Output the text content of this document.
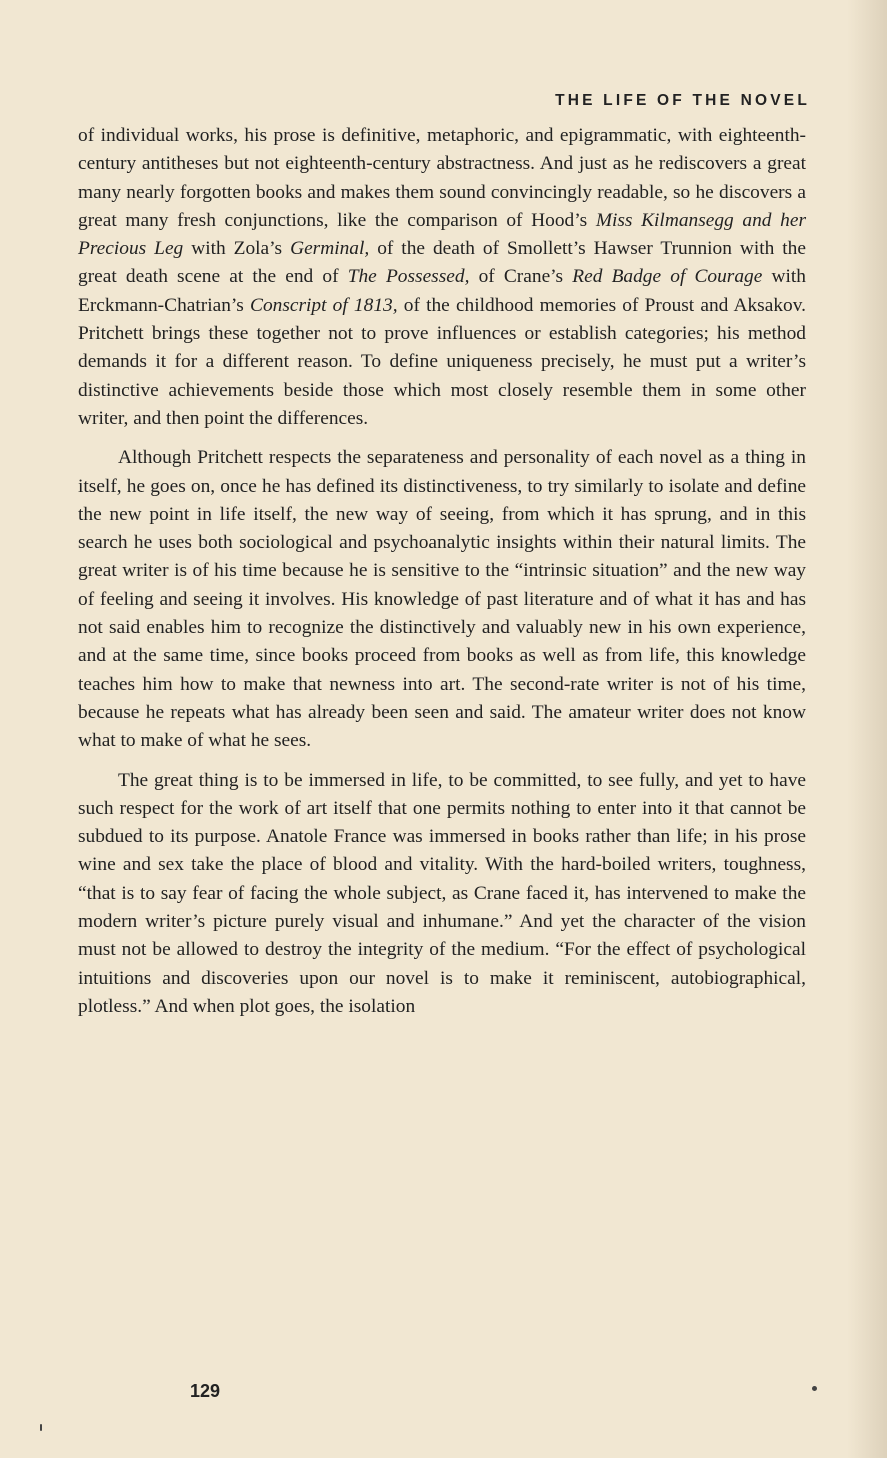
THE LIFE OF THE NOVEL

of individual works, his prose is definitive, metaphoric, and epigrammatic, with eighteenth-century antitheses but not eighteenth-century abstractness. And just as he rediscovers a great many nearly forgotten books and makes them sound convincingly readable, so he discovers a great many fresh conjunctions, like the comparison of Hood’s Miss Kilmansegg and her Precious Leg with Zola’s Germinal, of the death of Smollett’s Hawser Trunnion with the great death scene at the end of The Possessed, of Crane’s Red Badge of Courage with Erckmann-Chatrian’s Conscript of 1813, of the childhood memories of Proust and Aksakov. Pritchett brings these together not to prove influences or establish categories; his method demands it for a different reason. To define uniqueness precisely, he must put a writer’s distinctive achievements beside those which most closely resemble them in some other writer, and then point the differences.

Although Pritchett respects the separateness and personality of each novel as a thing in itself, he goes on, once he has defined its distinctiveness, to try similarly to isolate and define the new point in life itself, the new way of seeing, from which it has sprung, and in this search he uses both sociological and psychoanalytic insights within their natural limits. The great writer is of his time because he is sensitive to the “intrinsic situation” and the new way of feeling and seeing it involves. His knowledge of past literature and of what it has and has not said enables him to recognize the distinctively and valuably new in his own experience, and at the same time, since books proceed from books as well as from life, this knowledge teaches him how to make that newness into art. The second-rate writer is not of his time, because he repeats what has already been seen and said. The amateur writer does not know what to make of what he sees.

The great thing is to be immersed in life, to be committed, to see fully, and yet to have such respect for the work of art itself that one permits nothing to enter into it that cannot be subdued to its purpose. Anatole France was immersed in books rather than life; in his prose wine and sex take the place of blood and vitality. With the hard-boiled writers, toughness, “that is to say fear of facing the whole subject, as Crane faced it, has intervened to make the modern writer’s picture purely visual and inhumane.” And yet the character of the vision must not be allowed to destroy the integrity of the medium. “For the effect of psychological intuitions and discoveries upon our novel is to make it reminiscent, autobiographical, plotless.” And when plot goes, the isolation

129
